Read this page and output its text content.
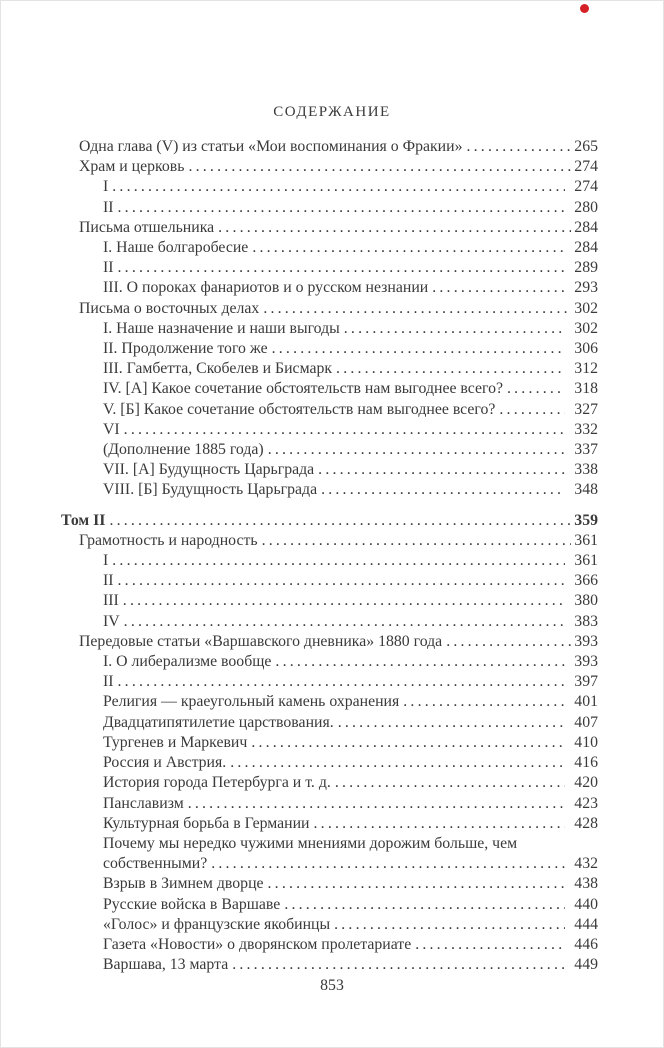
СОДЕРЖАНИЕ
Одна глава (V) из статьи «Мои воспоминания о Фракии» .....	265
Храм и церковь .....	274
I .....	274
II .....	280
Письма отшельника .....	284
I. Наше болгаробесие .....	284
II .....	289
III. О пороках фанариотов и о русском незнании .....	293
Письма о восточных делах .....	302
I. Наше назначение и наши выгоды .....	302
II. Продолжение того же .....	306
III. Гамбетта, Скобелев и Бисмарк .....	312
IV. [А] Какое сочетание обстоятельств нам выгоднее всего? .....	318
V. [Б] Какое сочетание обстоятельств нам выгоднее всего? .....	327
VI .....	332
(Дополнение 1885 года) .....	337
VII. [А] Будущность Царьграда .....	338
VIII. [Б] Будущность Царьграда .....	348
Том II .....	359
Грамотность и народность .....	361
I .....	361
II .....	366
III .....	380
IV .....	383
Передовые статьи «Варшавского дневника» 1880 года .....	393
I. О либерализме вообще .....	393
II .....	397
Религия — краеугольный камень охранения .....	401
Двадцатипятилетие царствования. .....	407
Тургенев и Маркевич .....	410
Россия и Австрия. .....	416
История города Петербурга и т. д. .....	420
Панславизм .....	423
Культурная борьба в Германии .....	428
Почему мы нередко чужими мнениями дорожим больше, чем
собственными? .....	432
Взрыв в Зимнем дворце .....	438
Русские войска в Варшаве .....	440
«Голос» и французские якобинцы .....	444
Газета «Новости» о дворянском пролетариате .....	446
Варшава, 13 марта .....	449
853
